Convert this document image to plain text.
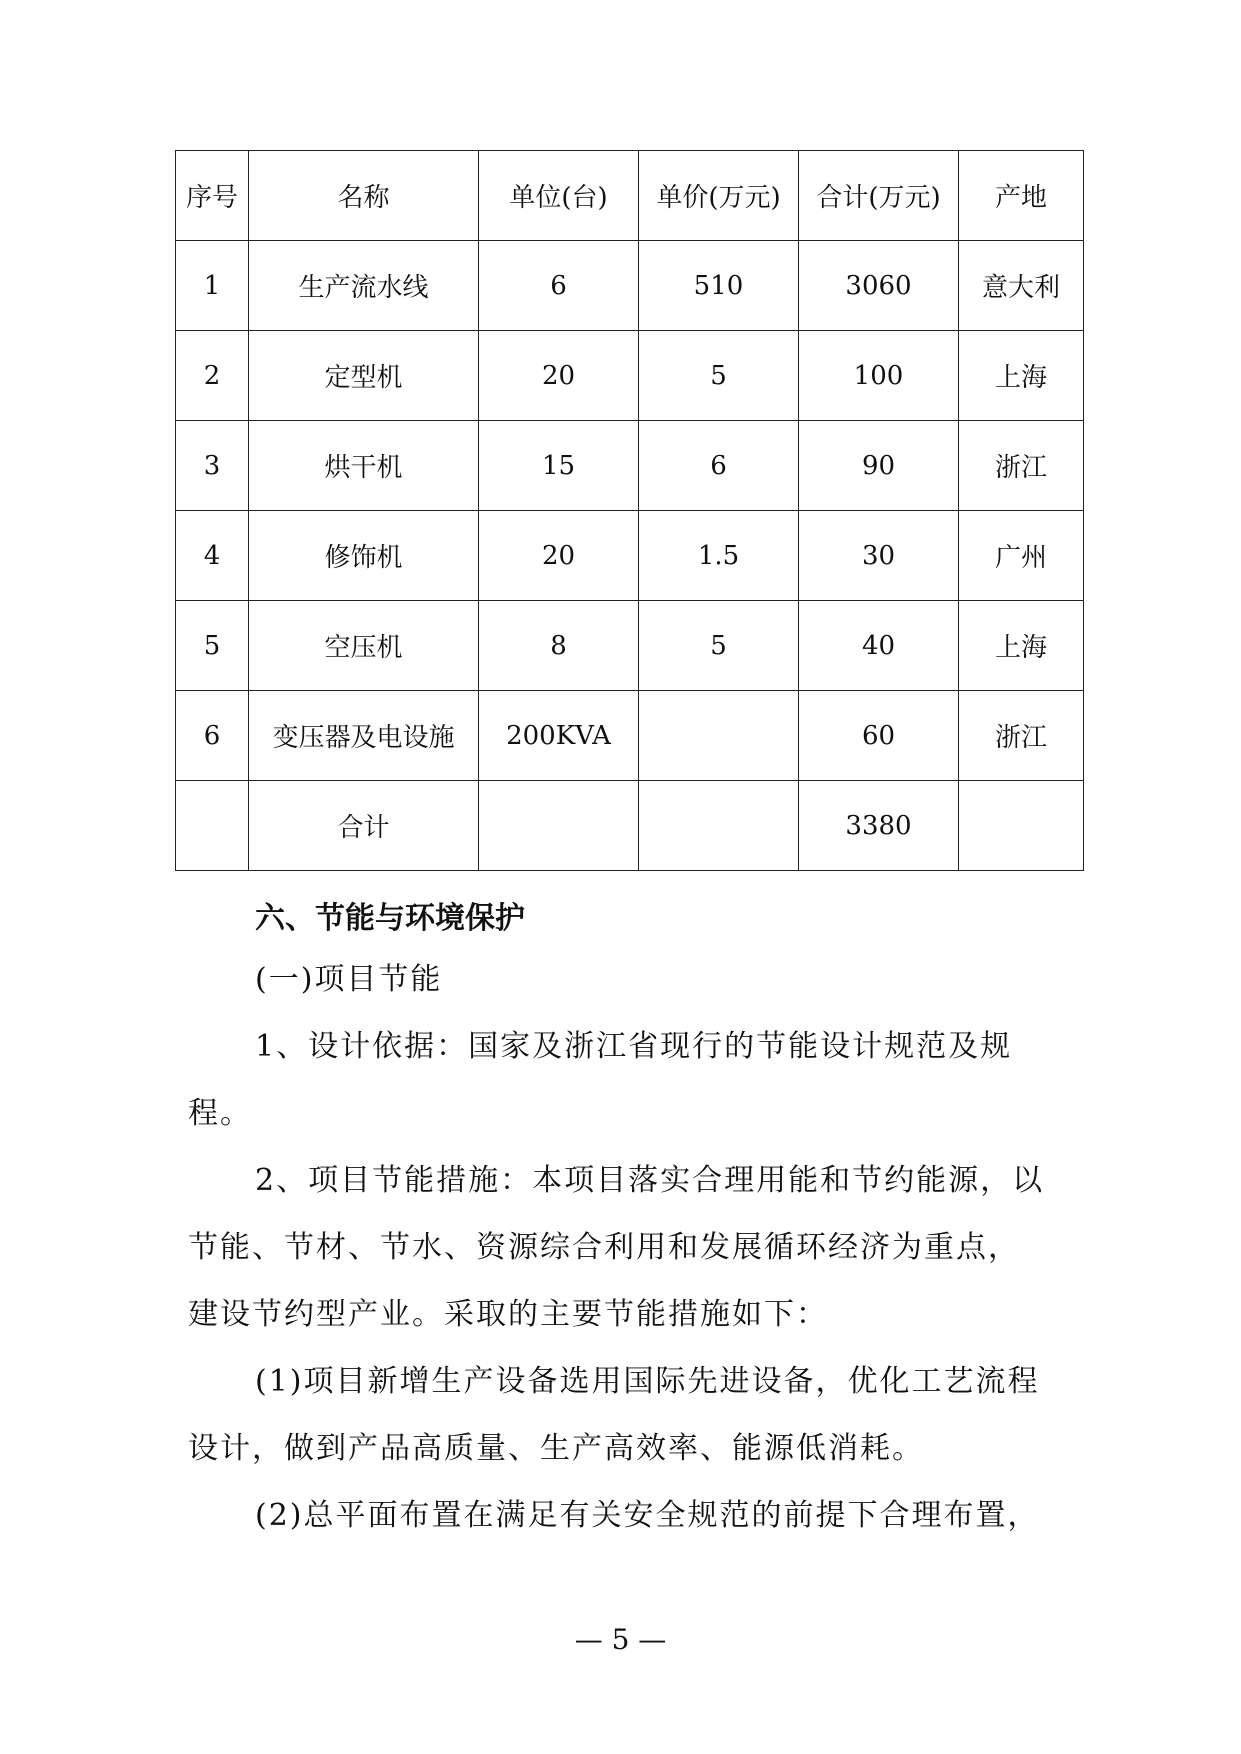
序号	名称	单位(台)	单价(万元)	合计(万元)	产地
1	生产流水线	6	510	3060	意大利
2	定型机	20	5	100	上海
3	烘干机	15	6	90	浙江
4	修饰机	20	1.5	30	广州
5	空压机	8	5	40	上海
6	变压器及电设施	200KVA		60	浙江
	合计			3380	
六、节能与环境保护

(一)项目节能

1、设计依据：国家及浙江省现行的节能设计规范及规程。

2、项目节能措施：本项目落实合理用能和节约能源，以节能、节材、节水、资源综合利用和发展循环经济为重点，建设节约型产业。采取的主要节能措施如下：

(1)项目新增生产设备选用国际先进设备，优化工艺流程设计，做到产品高质量、生产高效率、能源低消耗。

(2)总平面布置在满足有关安全规范的前提下合理布置，

— 5 —
